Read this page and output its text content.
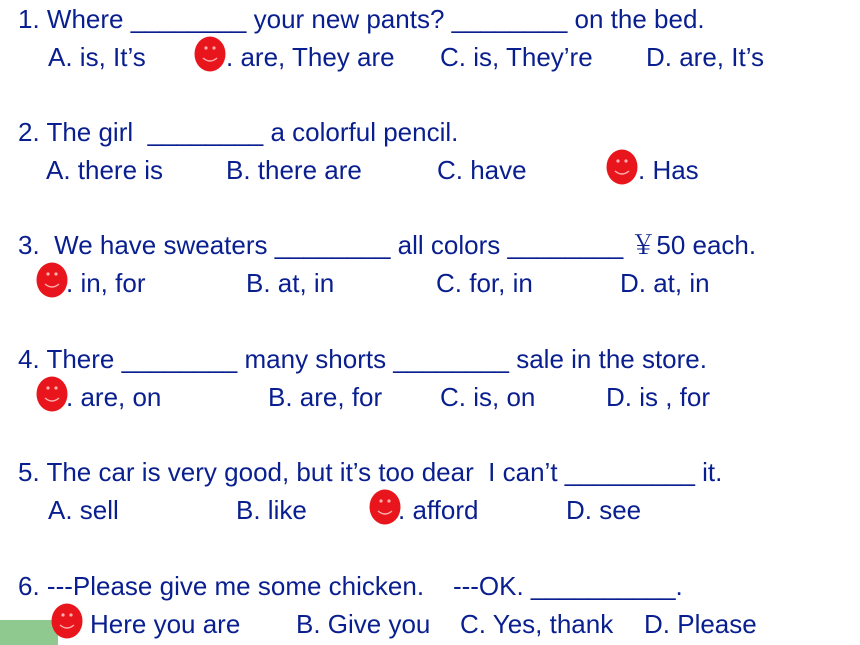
1. Where ________ your new pants? ________ on the bed.
A. is, It’s	. are, They are C. is, They’re D. are, It’s
2. The girl  ________ a colorful pencil.
A. there is B. there are	C. have	. Has
3.  We have sweaters ________ all colors ________ ￥50 each.
. in, for	B. at, in	C. for, in	D. at, in
4. There ________ many shorts ________ sale in the store.
. are, on	B. are, for C. is, on	D. is , for
5. The car is very good, but it’s too dear  I can’t _________ it.
A. sell	B. like	. afford	D. see
6. ---Please give me some chicken.    ---OK. __________.
Here you are B. Give you C. Yes, thank D. Please
